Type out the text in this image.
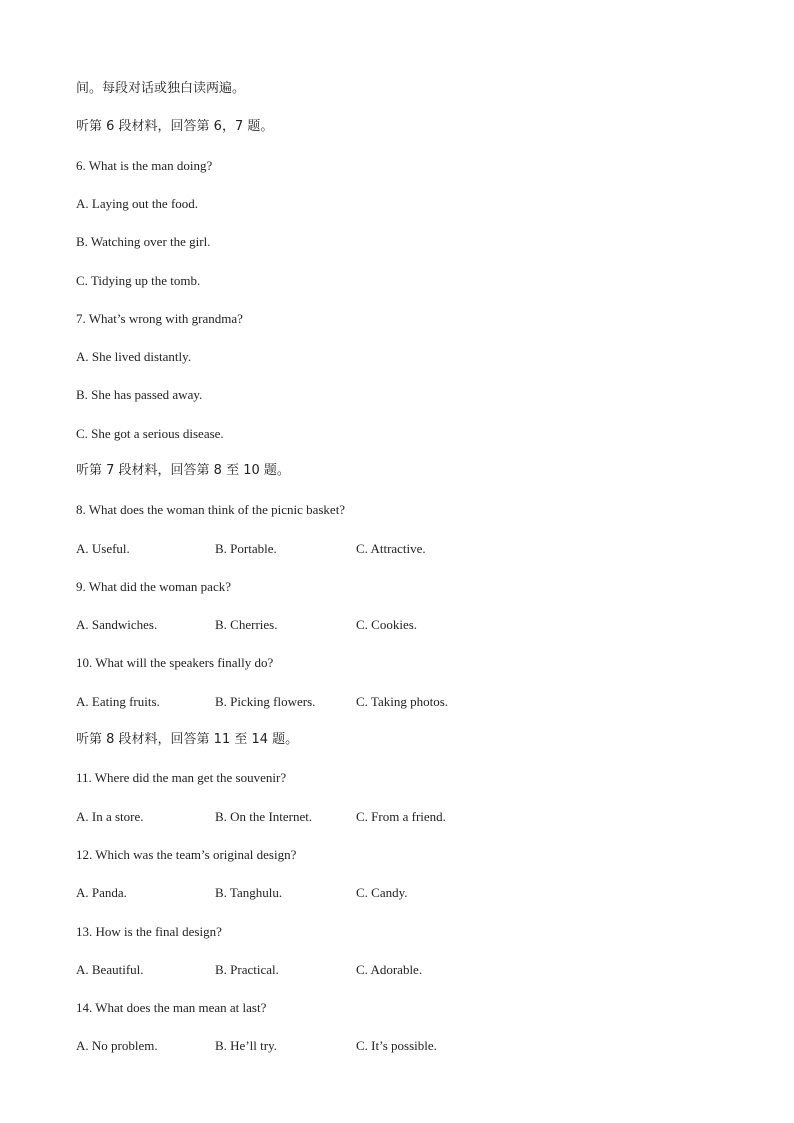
间。每段对话或独白读两遍。
听第 6 段材料，回答第 6，7 题。
6. What is the man doing?
A. Laying out the food.
B. Watching over the girl.
C. Tidying up the tomb.
7. What’s wrong with grandma?
A. She lived distantly.
B. She has passed away.
C. She got a serious disease.
听第 7 段材料，回答第 8 至 10 题。
8. What does the woman think of the picnic basket?
A. Useful.	B. Portable.	C. Attractive.
9. What did the woman pack?
A. Sandwiches.	B. Cherries.	C. Cookies.
10. What will the speakers finally do?
A. Eating fruits.	B. Picking flowers.	C. Taking photos.
听第 8 段材料，回答第 11 至 14 题。
11. Where did the man get the souvenir?
A. In a store.	B. On the Internet.	C. From a friend.
12. Which was the team’s original design?
A. Panda.	B. Tanghulu.	C. Candy.
13. How is the final design?
A. Beautiful.	B. Practical.	C. Adorable.
14. What does the man mean at last?
A. No problem.	B. He’ll try.	C. It’s possible.
